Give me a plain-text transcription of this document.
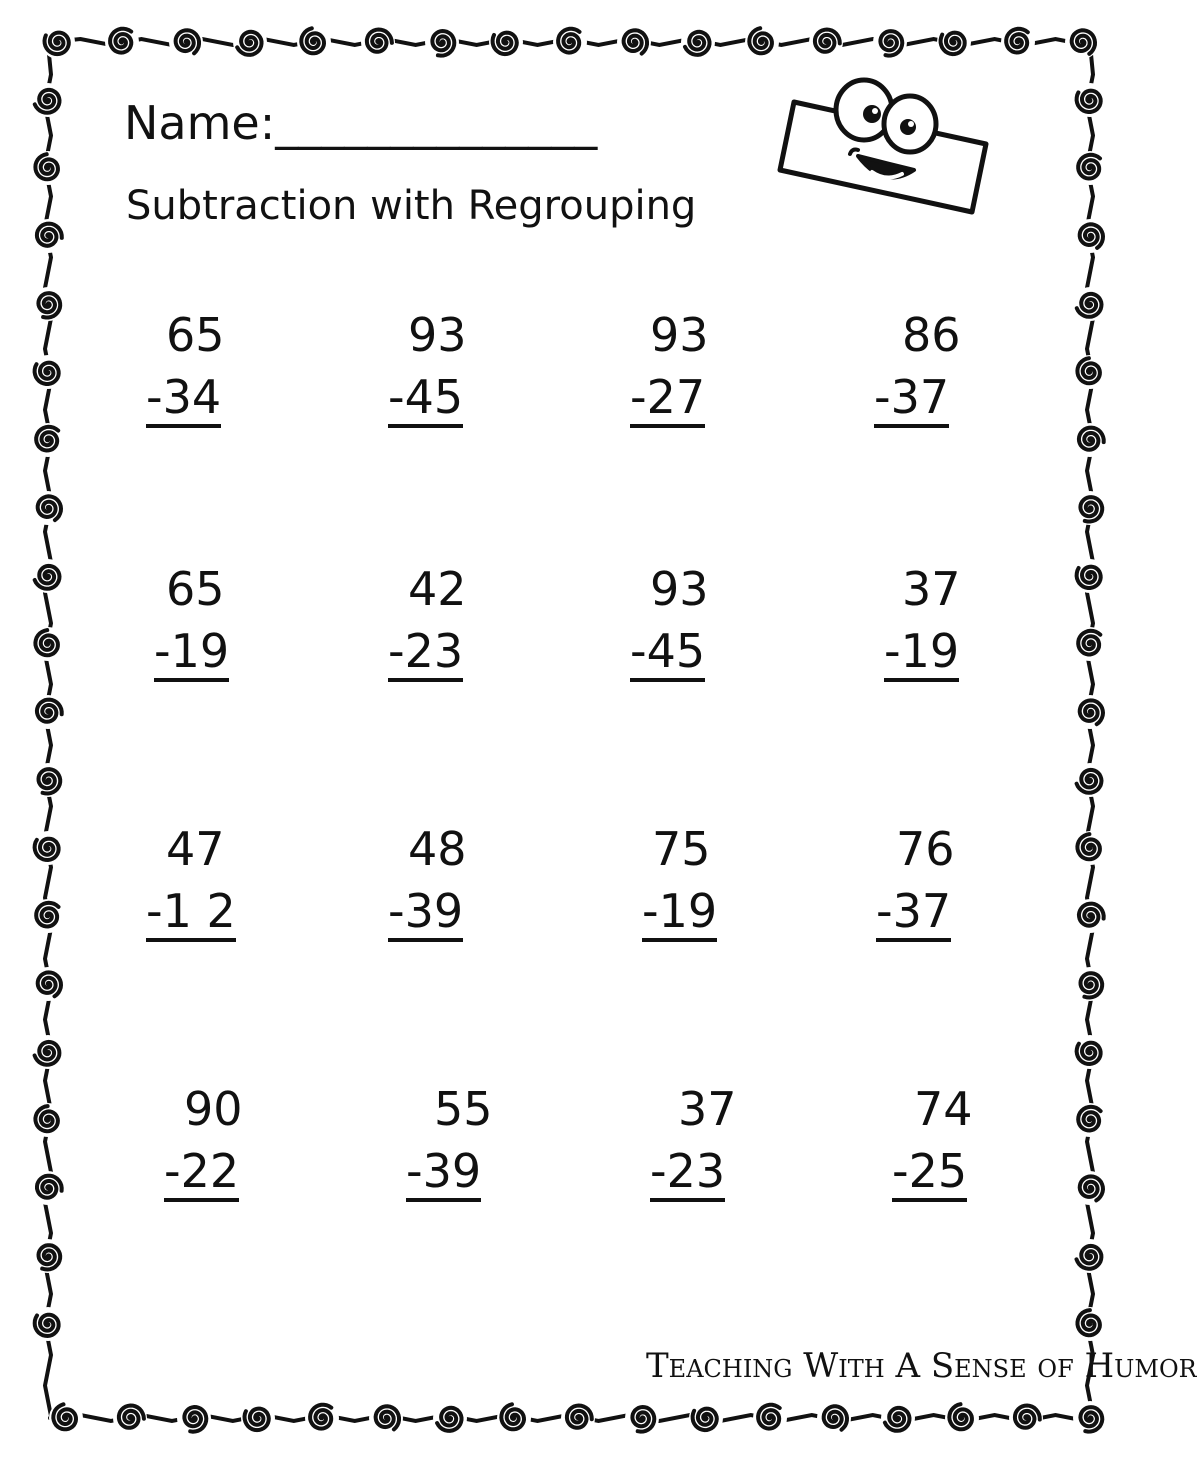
Name:______________
Subtraction with Regrouping
65
-34
93
-45
93
-27
86
-37
65
-19
42
-23
93
-45
37
-19
47
-1 2
48
-39
75
-19
76
-37
90
-22
55
-39
37
-23
74
-25
Teaching With A Sense of Humor
